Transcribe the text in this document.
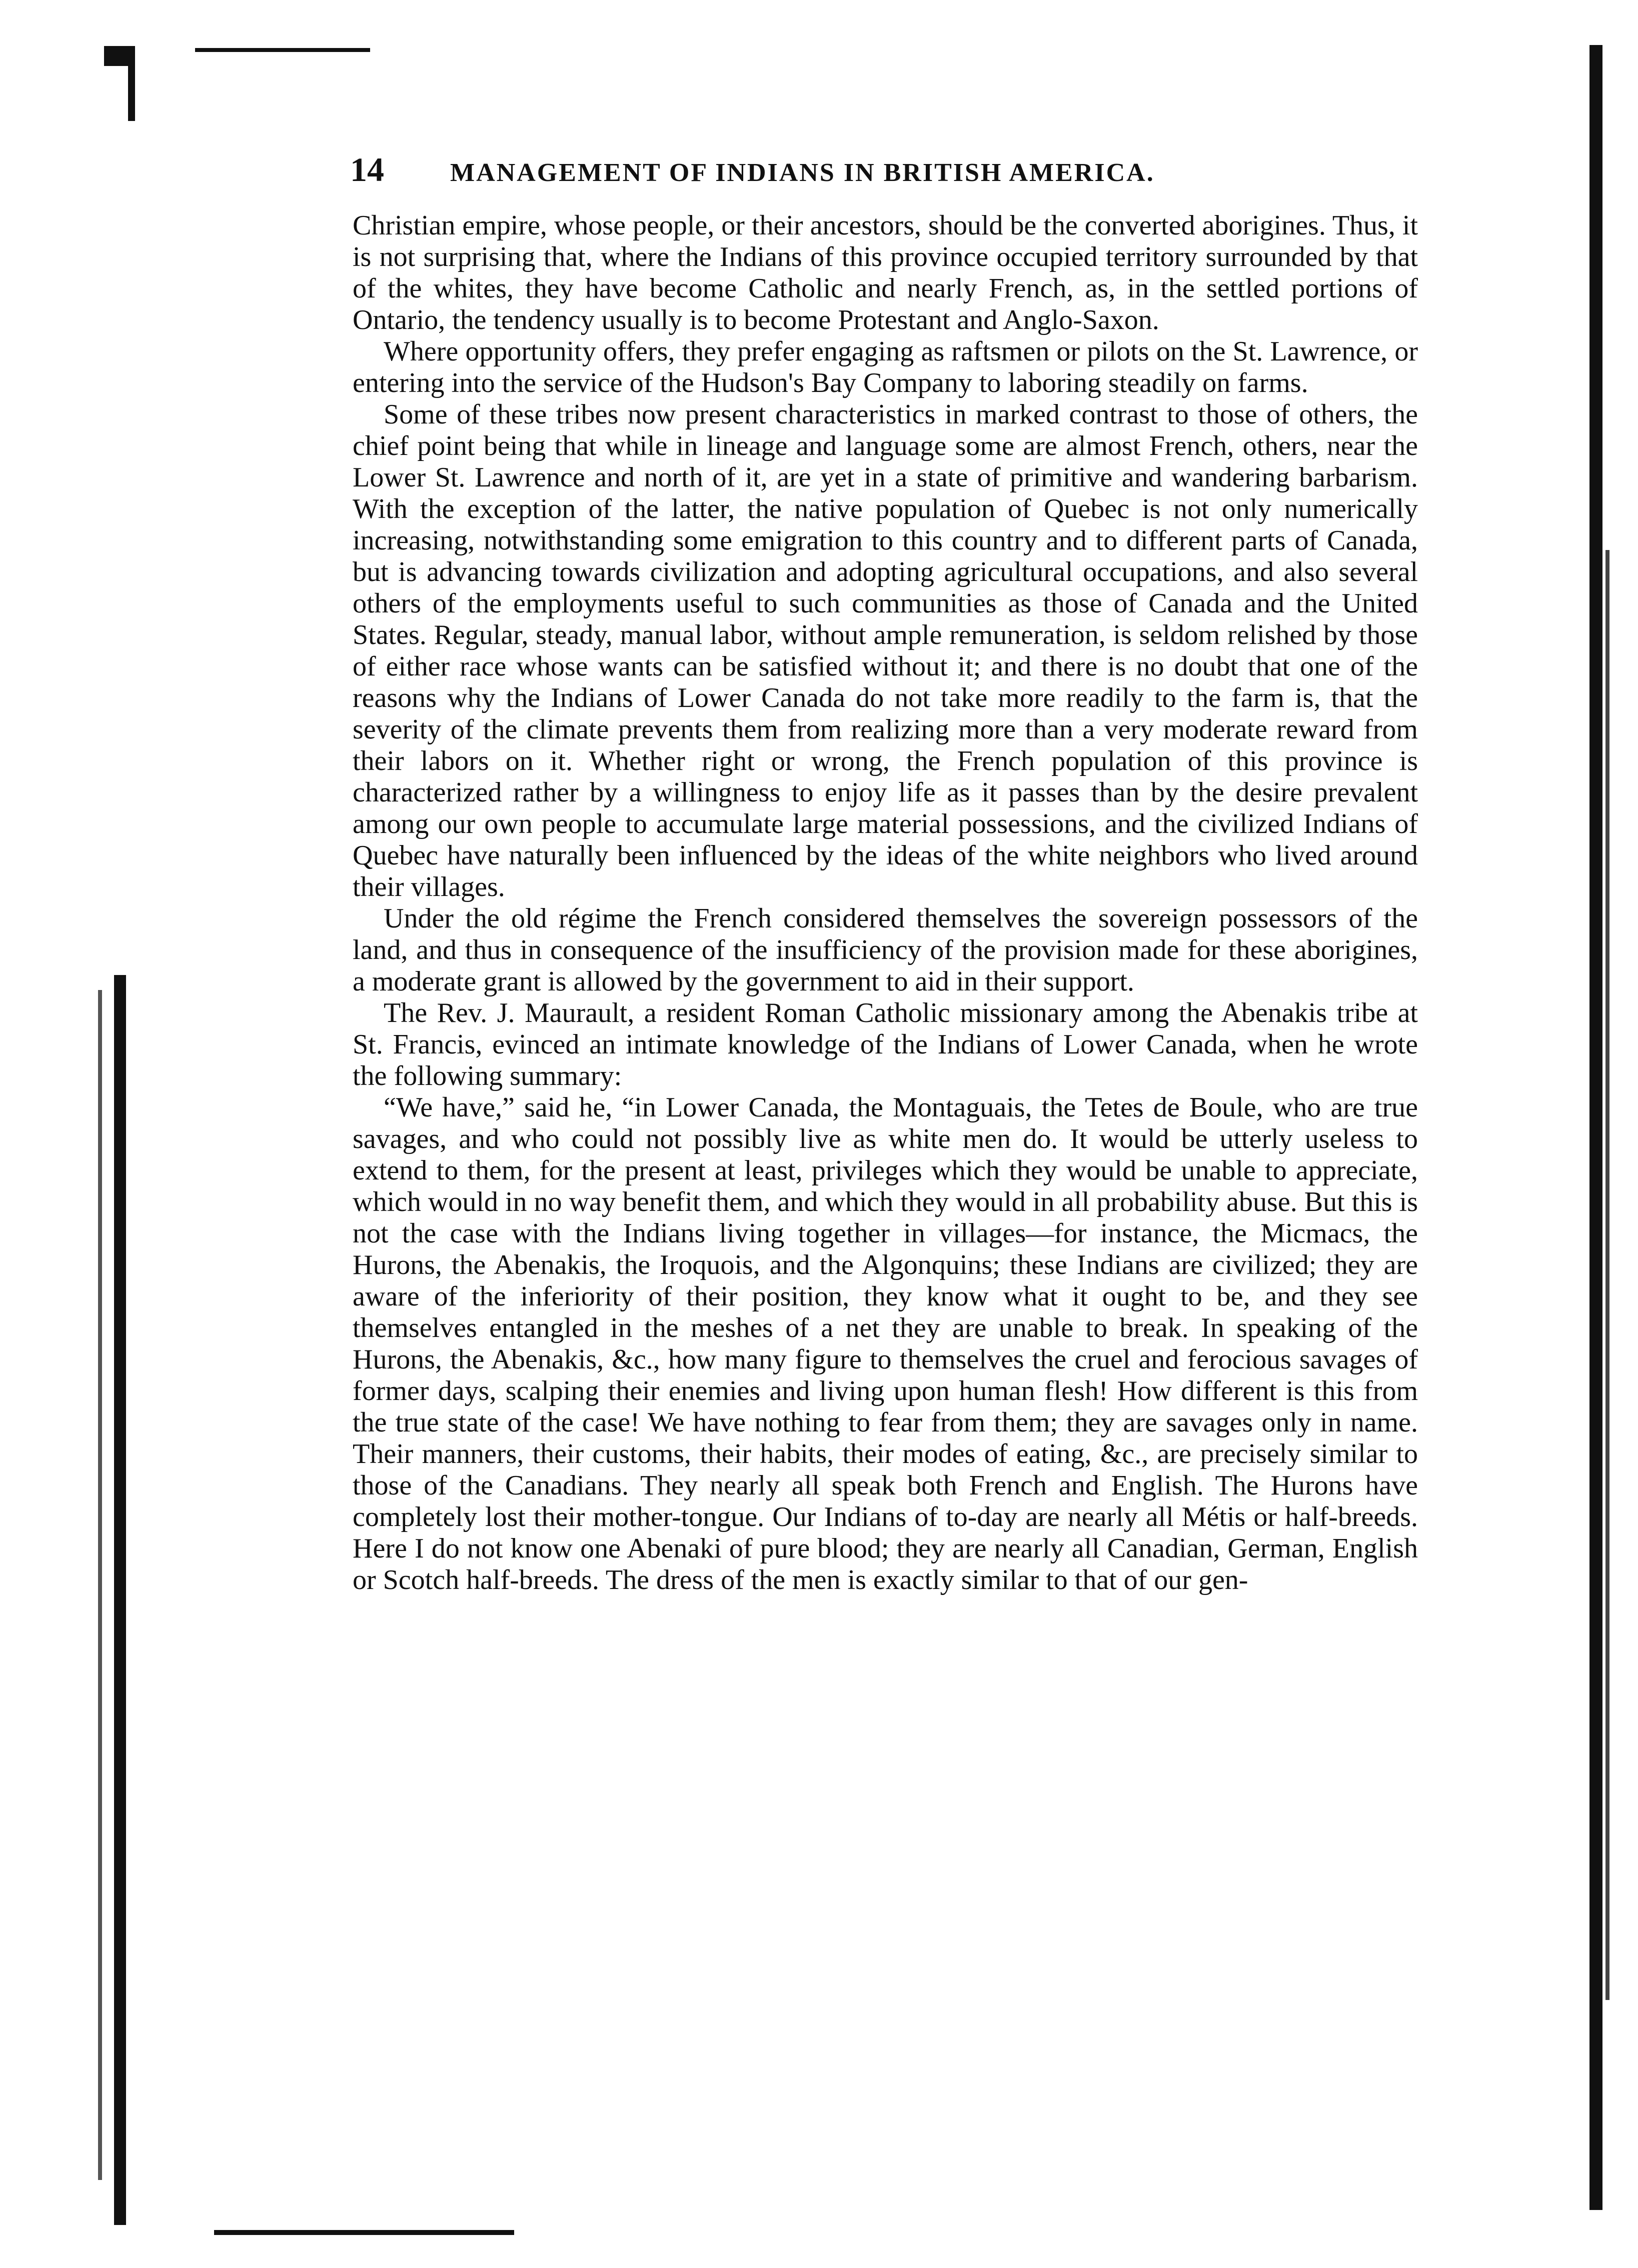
14	MANAGEMENT OF INDIANS IN BRITISH AMERICA.

Christian empire, whose people, or their ancestors, should be the converted aborigines. Thus, it is not surprising that, where the Indians of this province occupied territory surrounded by that of the whites, they have become Catholic and nearly French, as, in the settled portions of Ontario, the tendency usually is to become Protestant and Anglo-Saxon.

Where opportunity offers, they prefer engaging as raftsmen or pilots on the St. Lawrence, or entering into the service of the Hudson's Bay Company to laboring steadily on farms.

Some of these tribes now present characteristics in marked contrast to those of others, the chief point being that while in lineage and language some are almost French, others, near the Lower St. Lawrence and north of it, are yet in a state of primitive and wandering barbarism. With the exception of the latter, the native population of Quebec is not only numerically increasing, notwithstanding some emigration to this country and to different parts of Canada, but is advancing towards civilization and adopting agricultural occupations, and also several others of the employments useful to such communities as those of Canada and the United States. Regular, steady, manual labor, without ample remuneration, is seldom relished by those of either race whose wants can be satisfied without it; and there is no doubt that one of the reasons why the Indians of Lower Canada do not take more readily to the farm is, that the severity of the climate prevents them from realizing more than a very moderate reward from their labors on it. Whether right or wrong, the French population of this province is characterized rather by a willingness to enjoy life as it passes than by the desire prevalent among our own people to accumulate large material possessions, and the civilized Indians of Quebec have naturally been influenced by the ideas of the white neighbors who lived around their villages.

Under the old régime the French considered themselves the sovereign possessors of the land, and thus in consequence of the insufficiency of the provision made for these aborigines, a moderate grant is allowed by the government to aid in their support.

The Rev. J. Maurault, a resident Roman Catholic missionary among the Abenakis tribe at St. Francis, evinced an intimate knowledge of the Indians of Lower Canada, when he wrote the following summary:

“We have,” said he, “in Lower Canada, the Montaguais, the Tetes de Boule, who are true savages, and who could not possibly live as white men do. It would be utterly useless to extend to them, for the present at least, privileges which they would be unable to appreciate, which would in no way benefit them, and which they would in all probability abuse. But this is not the case with the Indians living together in villages—for instance, the Micmacs, the Hurons, the Abenakis, the Iroquois, and the Algonquins; these Indians are civilized; they are aware of the inferiority of their position, they know what it ought to be, and they see themselves entangled in the meshes of a net they are unable to break. In speaking of the Hurons, the Abenakis, &c., how many figure to themselves the cruel and ferocious savages of former days, scalping their enemies and living upon human flesh! How different is this from the true state of the case! We have nothing to fear from them; they are savages only in name. Their manners, their customs, their habits, their modes of eating, &c., are precisely similar to those of the Canadians. They nearly all speak both French and English. The Hurons have completely lost their mother-tongue. Our Indians of to-day are nearly all Métis or half-breeds. Here I do not know one Abenaki of pure blood; they are nearly all Canadian, German, English or Scotch half-breeds. The dress of the men is exactly similar to that of our gen-
